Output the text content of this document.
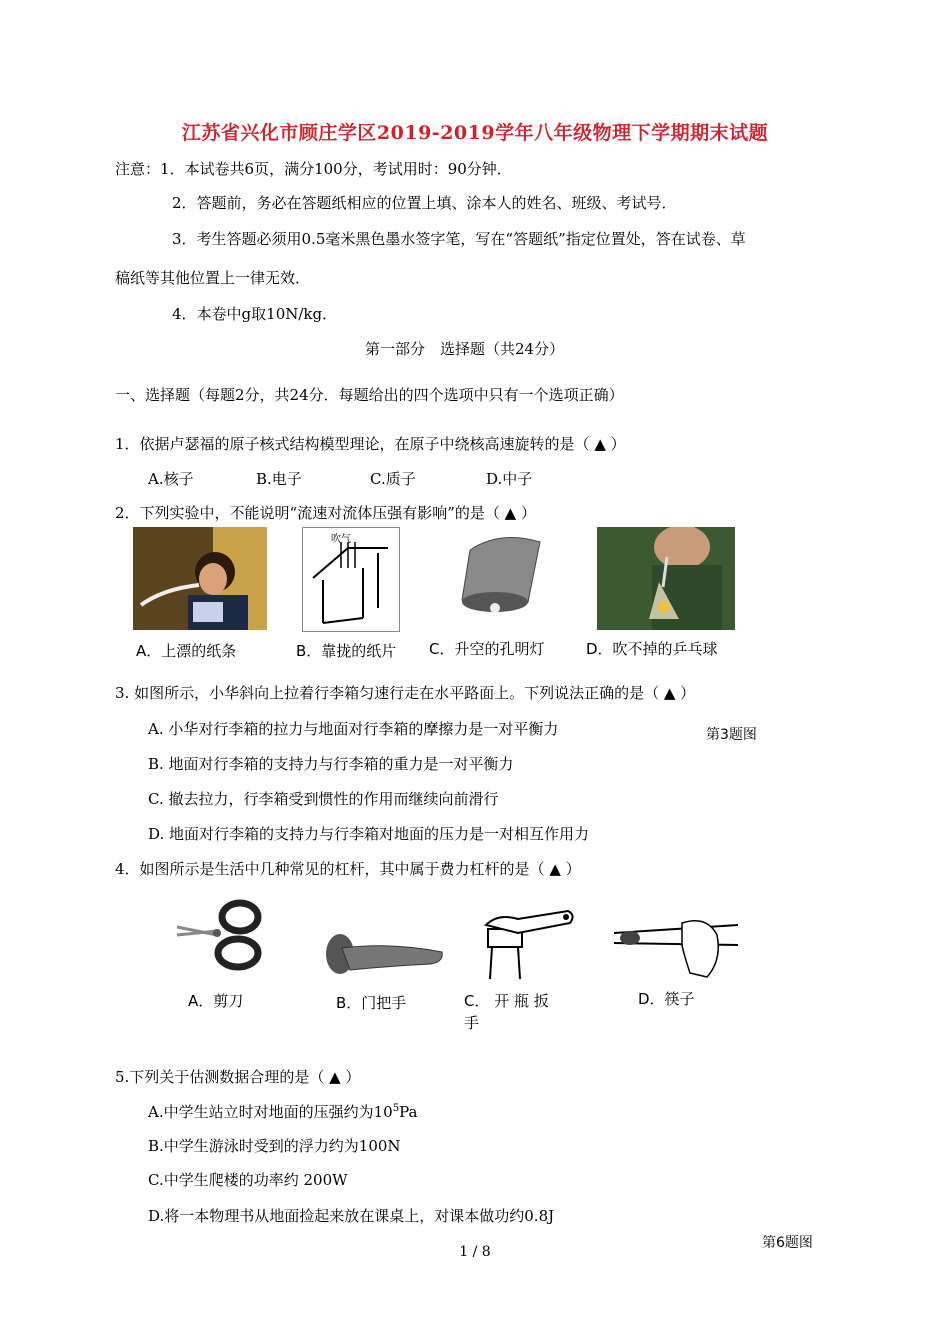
江苏省兴化市顾庄学区2019-2019学年八年级物理下学期期末试题
注意：1．本试卷共6页，满分100分，考试用时：90分钟．
2．答题前，务必在答题纸相应的位置上填、涂本人的姓名、班级、考试号．
3．考生答题必须用0.5毫米黑色墨水签字笔，写在“答题纸”指定位置处，答在试卷、草
稿纸等其他位置上一律无效．
4．本卷中g取10N/kg．
第一部分　选择题（共24分）
一、选择题（每题2分，共24分．每题给出的四个选项中只有一个选项正确）
1．依据卢瑟福的原子核式结构模型理论，在原子中绕核高速旋转的是（ ▲ ）
A.核子	B.电子	C.质子	D.中子
2．下列实验中，不能说明“流速对流体压强有影响”的是（ ▲ ）
吹气
A．上漂的纸条	B．靠拢的纸片 C．升空的孔明灯	D．吹不掉的乒乓球
3. 如图所示，小华斜向上拉着行李箱匀速行走在水平路面上。下列说法正确的是（ ▲ ）
A. 小华对行李箱的拉力与地面对行李箱的摩擦力是一对平衡力	第3题图
B. 地面对行李箱的支持力与行李箱的重力是一对平衡力
C. 撤去拉力，行李箱受到惯性的作用而继续向前滑行
D. 地面对行李箱的支持力与行李箱对地面的压力是一对相互作用力
4．如图所示是生活中几种常见的杠杆，其中属于费力杠杆的是（ ▲ ）
A．剪刀	B．门把手	C． 开 瓶 扳
手
D．筷子
5.下列关于估测数据合理的是（ ▲ ）
A.中学生站立时对地面的压强约为$10^5Pa$
B.中学生游泳时受到的浮力约为100N
C.中学生爬楼的功率约 200W
D.将一本物理书从地面捡起来放在课桌上，对课本做功约0.8J
第6题图
1 / 8
